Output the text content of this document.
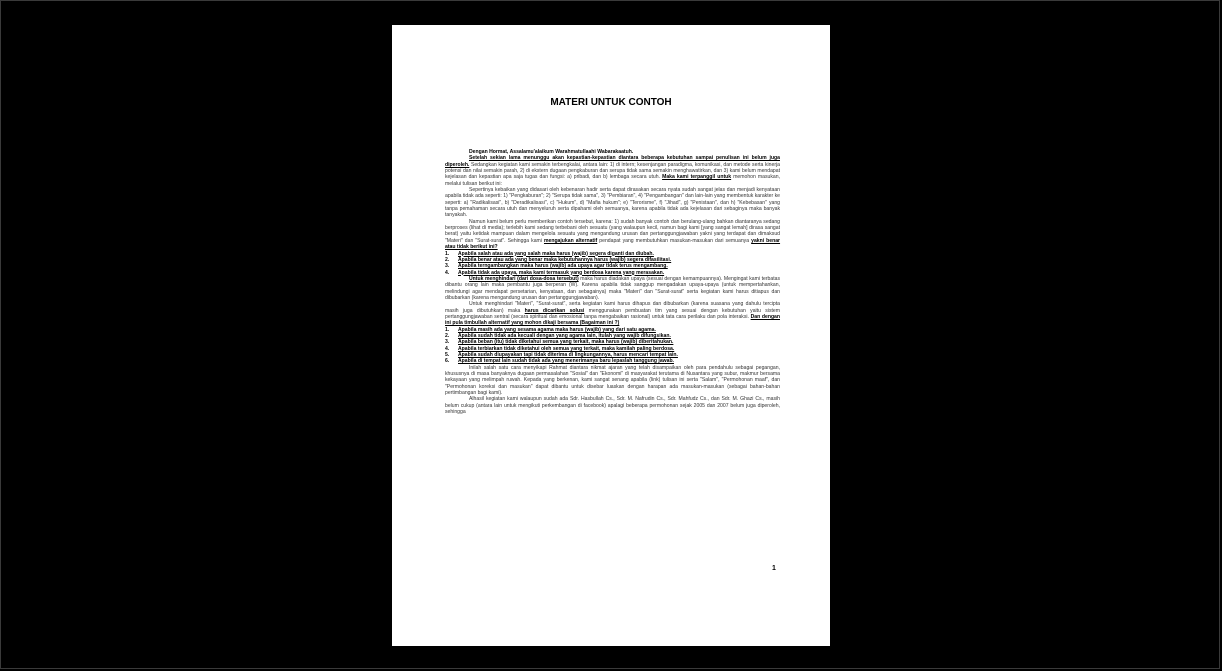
MATERI UNTUK CONTOH

Dengan Hormat, Assalamu'alaikum Warahmatullaahi Wabarakaatuh.

Setelah sekian lama menunggu akan kepastian-kepastian diantara beberapa kebutuhan sampai penulisan ini belum juga diperoleh. Sedangkan kegiatan kami semakin terbengkalai, antara lain: 1) di intern; kesenjangan paradigma, komunikasi, dan metode serta kinerja potensi dan nilai semakin parah, 2) di ekstern dugaan pengkaburan dan serupa tidak sama semakin menghawatirkan, dan 3) kami belum mendapat kejelasan dan kepastian apa saja tugas dan fungsi: a) pribadi, dan b) lembaga secara utuh. Maka kami terpanggil untuk memohon masukan, melalui tulisan berikut ini:

Sepertinya kebaikan yang didasari oleh kebenaran hadir serta dapat dirasakan secara nyata sudah sangat jelas dan menjadi kenyataan apabila tidak ada seperti: 1) "Pengkaburan"; 2) "Serupa tidak sama", 3) "Pembiaran", 4) "Pengambangan" dan lain-lain yang membentuk karakter ke seperti: a) "Radikalisasi", b) "Deradikalisasi", c) "Hukum", d) "Mafia hukum"; e) "Terorisme", f) "Jihad", g) "Penistaan", dan h) "Kebebasan" yang tanpa pemahaman secara utuh dan menyeluruh serta dipahami oleh semuanya, karena apabila tidak ada kejelasan dari sebaginya maka banyak tanyakah.

Namun kami belum perlu memberikan contoh tersebut, karena: 1) sudah banyak contoh dan berulang-ulang bahkan diantaranya sedang berproses (lihat di media); terlebih kami sedang terbebani oleh sesuatu (yang walaupun kecil, namun bagi kami [yang sangat lemah] dirasa sangat berat) yaitu ketidak mampuan dalam mengelola sesuatu yang mengandung urusan dan pertanggungjawaban yakni yang terdapat dan dimaksud "Materi" dan "Surat-surat". Sehingga kami mengajukan alternatif pendapat yang membutuhkan masukan-masukan dari semuanya yakni benar atau tidak berikut ini?

1. Apabila salah atau ada yang salah maka harus (wajib) segera diganti dan diubah.
2. Apabila benar atau ada yang benar maka kebutuhannya harus (wajib) segera difasilitasi.
3. Apabila terngambangkan maka harus (wajib) ada upaya agar tidak terus mengambang.
4. Apabila tidak ada upaya, maka kami termasuk yang berdosa karena yang merasakan.

Untuk menghindari (dari dosa-dosa tersebut) maka harus diadakan upaya (sesuai dengan kemampuannya). Mengingat kami terbatas dibantu orang lain maka pembantu juga berperan (W). Karena apabila tidak sanggup mengadakan upaya-upaya (untuk mempertahankan, melindungi agar mendapat persetarian, kenyataan, dan sebagainya) maka "Materi" dan "Surat-surat" serta kegiatan kami harus ditiapus dan dibubarkan (karena mengandung urusan dan pertanggungjawaban).

Untuk menghindari "Materi", "Surat-surat", serta kegiatan kami harus dihapus dan dibubarkan (karena suasana yang dahulu tercipta masih juga dibutuhkan) maka harus dicarikan solusi menggunakan pembuatan tim yang sesuai dengan kebutuhan yaitu sistem pertanggungjawaban sentral (secara spiritual dan emosional tanpa mengabaikan rasional) untuk tata cara perilaku dan pola interaksi. Dan dengan ini pula timbullah alternatif yang mohon dikaji bersama (Bagaiman ini ?)

1. Apabila masih ada yang sesama agama maka harus (wajib) yang dari satu agama.
2. Apabila sudah tidak ada kecuali dengan yang agama lain, itulah yang wajib difungsikan.
3. Apabila beban (itu) tidak diketahui semua yang terkait, maka harus (wajib) diberitahukan.
4. Apabila terbiarkan tidak diketahui oleh semua yang terkait, maka kamilah paling berdosa.
5. Apabila sudah diupayakan tapi tidak diterima di lingkungannya, harus mencari tempat lain.
6. Apabila di tempat lain sudah tidak ada yang menerimanya baru lepaslah tanggung jawab.

Inilah salah satu cara menyikapi Rahmat diantara nikmat ajaran yang telah disampaikan oleh para pendahulu sebagai pegangan, khususnya di masa banyaknya dugaan permasalahan "Sosial" dan "Ekonomi" di masyarakat terutama di Nusantara yang subur, makmur bersama kekayaan yang melimpah ruwah. Kepada yang berkenan, kami sangat senang apabila (link) tulisan ini serta "Salam", "Permohonan maaf", dan "Permohonan koreksi dan masukan" dapat dibantu untuk disebar luaskan dengan harapan ada masukan-masukan (sebagai bahan-bahan pertimbangan bagi kami).

Alhasil kegiatan kami walaupun sudah ada Sdr. Hasbullah Cs., Sdr. M. Nafrudin Cs., Sdr. Mahfudz Cs., dan Sdr. M. Ghazi Cs., masih belum cukup (antara lain untuk mengikuti perkembangan di facebook) apalagi beberapa permohonan sejak 2005 dan 2007 belum juga diperoleh, sehingga

1
